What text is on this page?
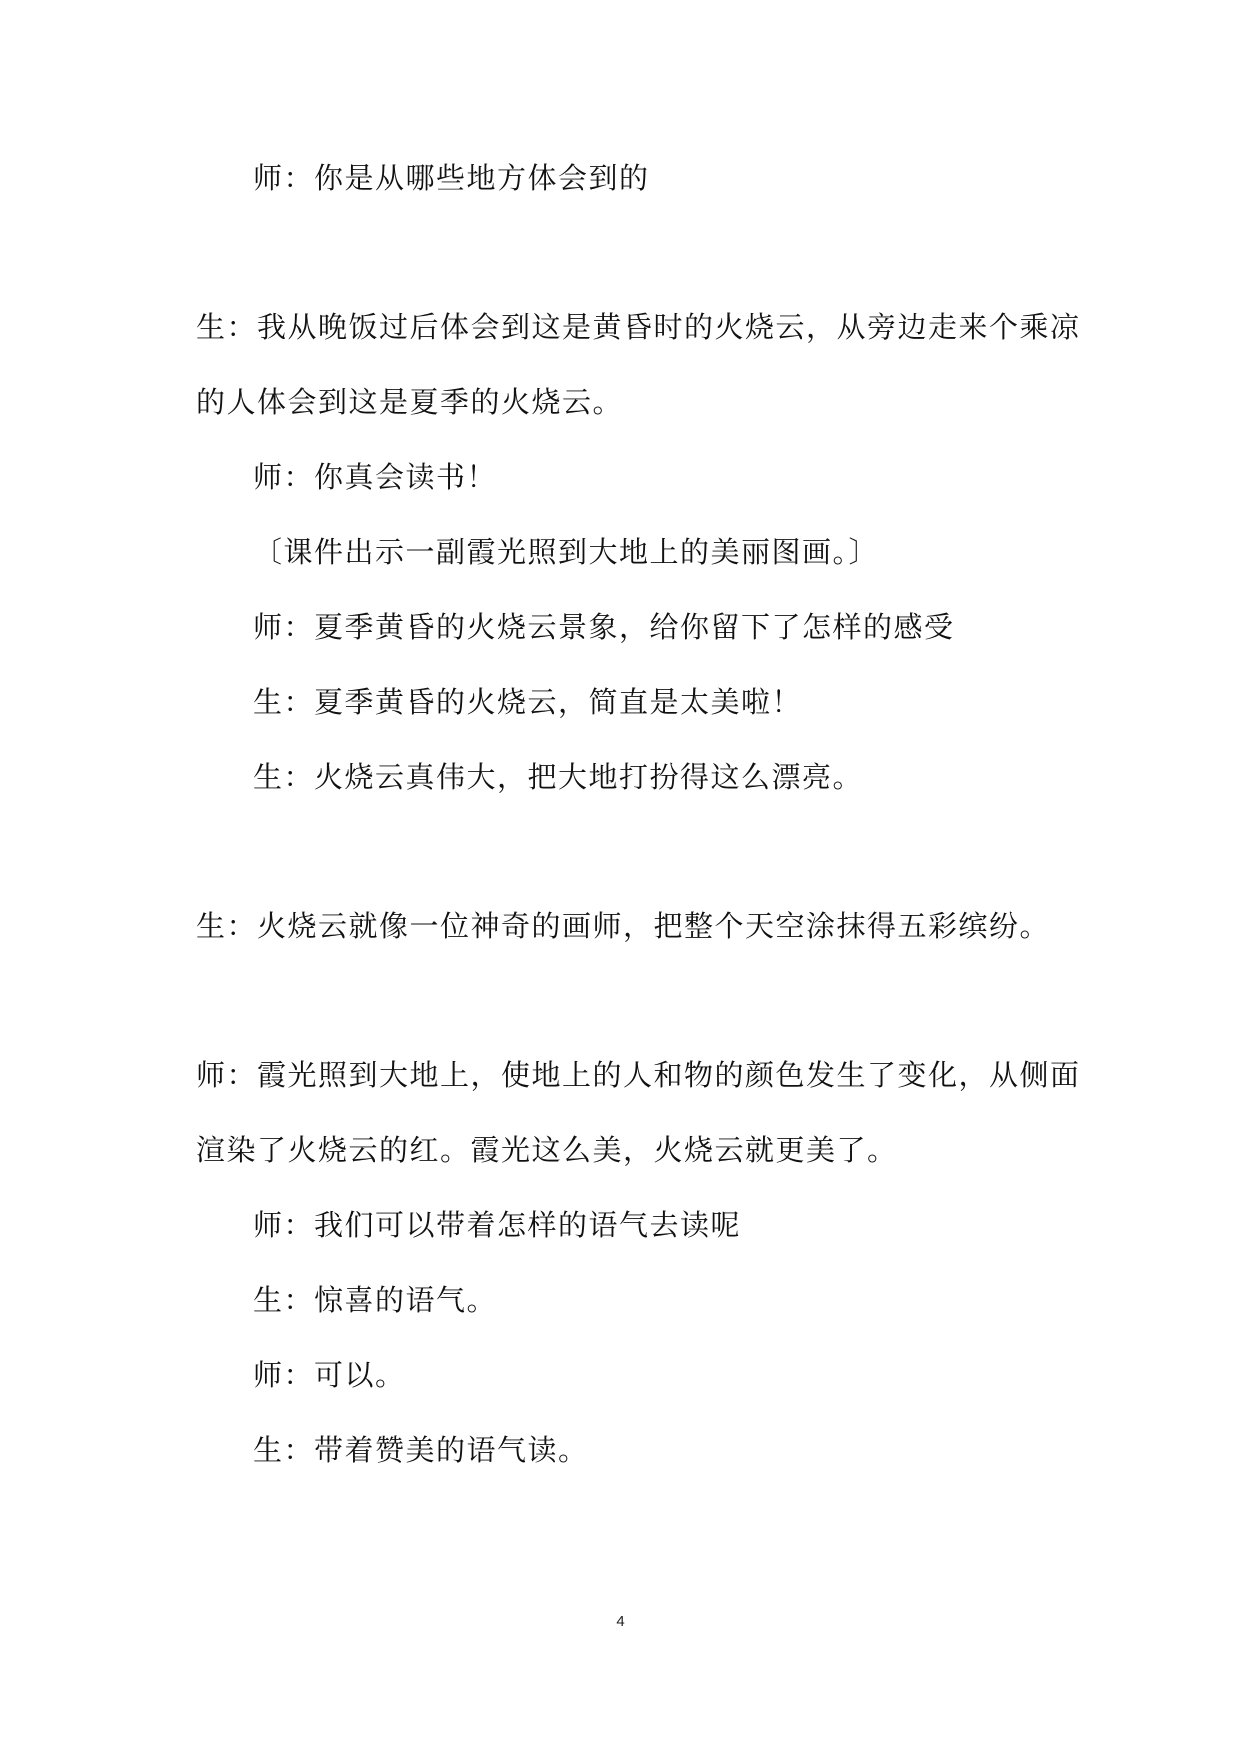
师：你是从哪些地方体会到的
生：我从晚饭过后体会到这是黄昏时的火烧云，从旁边走来个乘凉
的人体会到这是夏季的火烧云。
师：你真会读书！
〔课件出示一副霞光照到大地上的美丽图画。〕
师：夏季黄昏的火烧云景象，给你留下了怎样的感受
生：夏季黄昏的火烧云，简直是太美啦！
生：火烧云真伟大，把大地打扮得这么漂亮。
生：火烧云就像一位神奇的画师，把整个天空涂抹得五彩缤纷。
师：霞光照到大地上，使地上的人和物的颜色发生了变化，从侧面
渲染了火烧云的红。霞光这么美，火烧云就更美了。
师：我们可以带着怎样的语气去读呢
生：惊喜的语气。
师：可以。
生：带着赞美的语气读。
4
